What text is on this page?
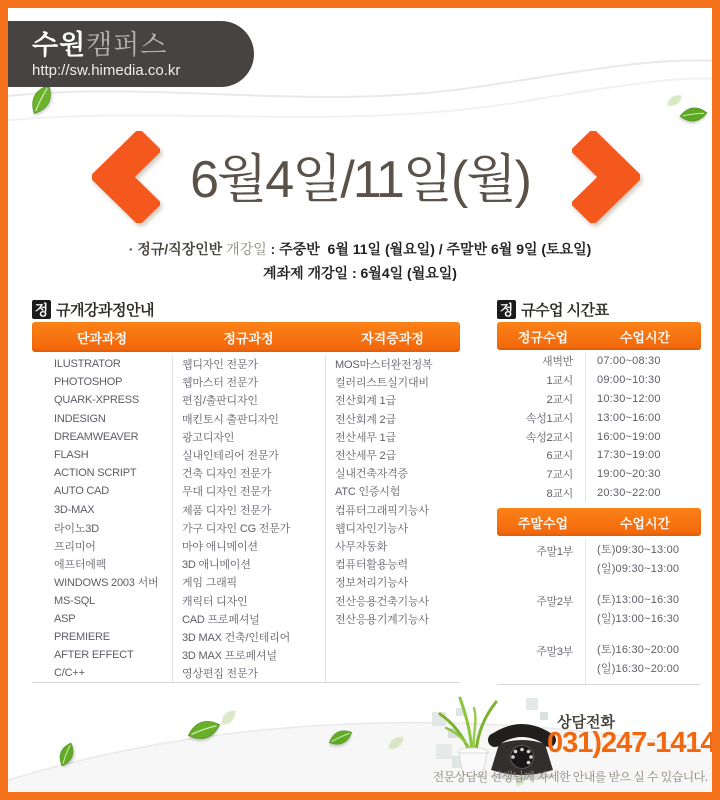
수원캠퍼스
http://sw.himedia.co.kr
6월4일/11일(월)
· 정규/직장인반 개강일 : 주중반  6월 11일 (월요일) / 주말반 6월 9일 (토요일)
계좌제 개강일 : 6월4일 (월요일)
정 규개강과정안내
단과과정	정규과정	자격증과정
ILUSTRATOR	웹디자인 전문가	MOS마스터완전정복
PHOTOSHOP	웹마스터 전문가	컬러리스트실기대비
QUARK-XPRESS	편집/출판디자인	전산회계 1급
INDESIGN	매킨토시 출판디자인	전산회계 2급
DREAMWEAVER	광고디자인	전산세무 1급
FLASH	실내인테리어 전문가	전산세무 2급
ACTION SCRIPT	건축 디자인 전문가	실내건축자격증
AUTO CAD	무대 디자인 전문가	ATC 인증시험
3D-MAX	제품 디자인 전문가	컴퓨터그래픽기능사
라이노3D	가구 디자인 CG 전문가	웹디자인기능사
프리미어	마야 애니메이션	사무자동화
에프터에펙	3D 애니메이션	컴퓨터활용능력
WINDOWS 2003 서버	게임 그래픽	정보처리기능사
MS-SQL	캐릭터 디자인	전산응용건축기능사
ASP	CAD 프로페셔널	전산응용기계기능사
PREMIERE	3D MAX 건축/인테리어
AFTER EFFECT	3D MAX 프로페셔널
C/C++	영상편집 전문가
정 규수업 시간표
정규수업	수업시간
새벽반	07:00~08:30
1교시	09:00~10:30
2교시	10:30~12:00
속성1교시	13:00~16:00
속성2교시	16:00~19:00
6교시	17:30~19:00
7교시	19:00~20:30
8교시	20:30~22:00
주말수업	수업시간
주말1부	(토)09:30~13:00
(일)09:30~13:00
주말2부	(토)13:00~16:30
(일)13:00~16:30
주말3부	(토)16:30~20:00
(일)16:30~20:00
상담전화
031)247-1414
전문상담원 선생님께 자세한 안내를 받으 실 수 있습니다.
